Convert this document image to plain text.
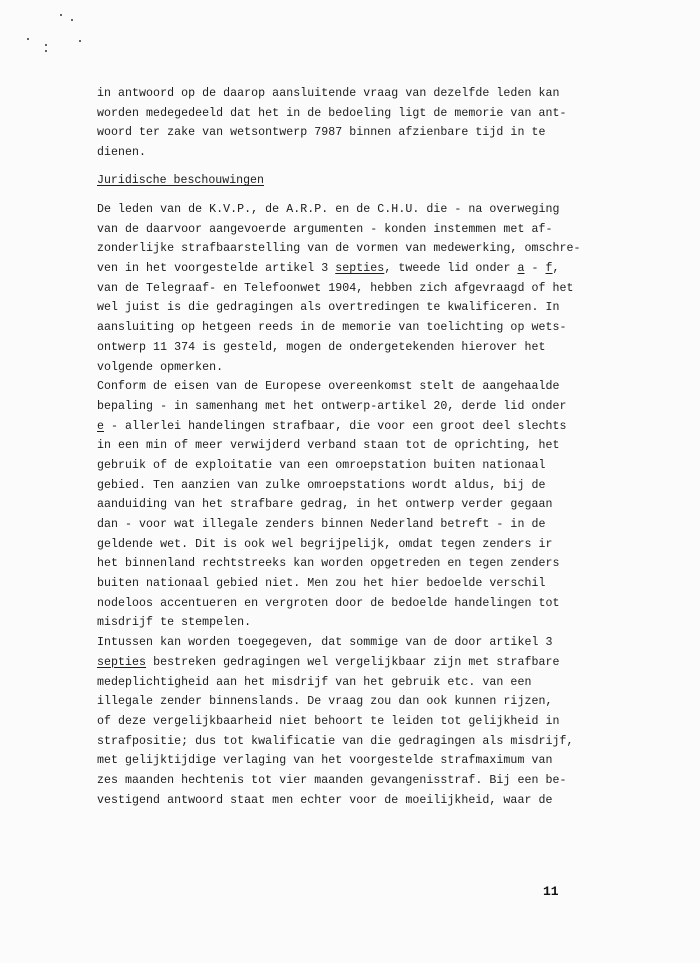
in antwoord op de daarop aansluitende vraag van dezelfde leden kan
worden medegedeeld dat het in de bedoeling ligt de memorie van ant-
woord ter zake van wetsontwerp 7987 binnen afzienbare tijd in te
dienen.
Juridische beschouwingen
De leden van de K.V.P., de A.R.P. en de C.H.U. die - na overweging
van de daarvoor aangevoerde argumenten - konden instemmen met af-
zonderlijke strafbaarstelling van de vormen van medewerking, omschre-
ven in het voorgestelde artikel 3 septies, tweede lid onder a - f,
van de Telegraaf- en Telefoonwet 1904, hebben zich afgevraagd of het
wel juist is die gedragingen als overtredingen te kwalificeren. In
aansluiting op hetgeen reeds in de memorie van toelichting op wets-
ontwerp 11 374 is gesteld, mogen de ondergetekenden hierover het
volgende opmerken.
Conform de eisen van de Europese overeenkomst stelt de aangehaalde
bepaling - in samenhang met het ontwerp-artikel 20, derde lid onder
e - allerlei handelingen strafbaar, die voor een groot deel slechts
in een min of meer verwijderd verband staan tot de oprichting, het
gebruik of de exploitatie van een omroepstation buiten nationaal
gebied. Ten aanzien van zulke omroepstations wordt aldus, bij de
aanduiding van het strafbare gedrag, in het ontwerp verder gegaan
dan - voor wat illegale zenders binnen Nederland betreft - in de
geldende wet. Dit is ook wel begrijpelijk, omdat tegen zenders ir
het binnenland rechtstreeks kan worden opgetreden en tegen zenders
buiten nationaal gebied niet. Men zou het hier bedoelde verschil
nodeloos accentueren en vergroten door de bedoelde handelingen tot
misdrijf te stempelen.
Intussen kan worden toegegeven, dat sommige van de door artikel 3
septies bestreken gedragingen wel vergelijkbaar zijn met strafbare
medeplichtigheid aan het misdrijf van het gebruik etc. van een
illegale zender binnenslands. De vraag zou dan ook kunnen rijzen,
of deze vergelijkbaarheid niet behoort te leiden tot gelijkheid in
strafpositie; dus tot kwalificatie van die gedragingen als misdrijf,
met gelijktijdige verlaging van het voorgestelde strafmaximum van
zes maanden hechtenis tot vier maanden gevangenisstraf. Bij een be-
vestigend antwoord staat men echter voor de moeilijkheid, waar de
11
